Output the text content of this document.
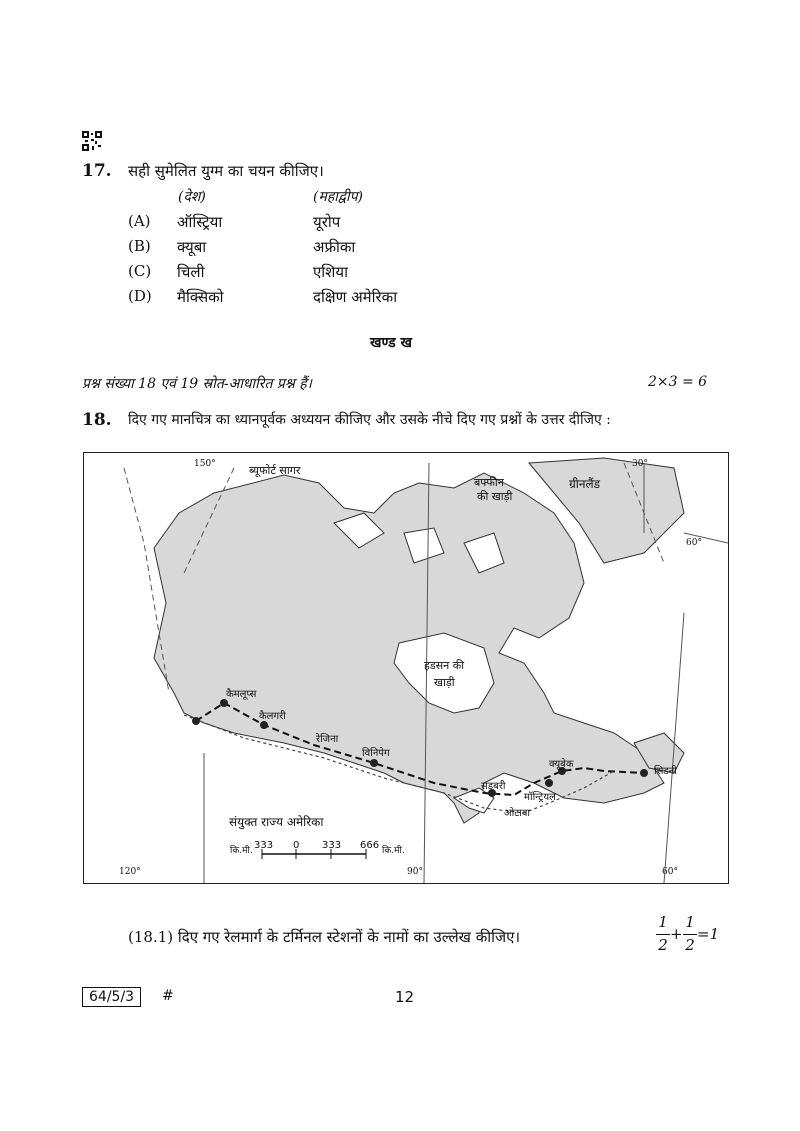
17. सही सुमेलित युग्म का चयन कीजिए।
(देश)	(महाद्वीप)
(A) ऑस्ट्रिया	यूरोप
(B) क्यूबा	अफ्रीका
(C) चिली	एशिया
(D) मैक्सिको	दक्षिण अमेरिका
खण्ड ख
प्रश्न संख्या 18 एवं 19 स्रोत-आधारित प्रश्न हैं।	2×3 = 6
18. दिए गए मानचित्र का ध्यानपूर्वक अध्ययन कीजिए और उसके नीचे दिए गए प्रश्नों के उत्तर दीजिए :
ब्यूफोर्ट सागर
बफ्फीन
की खाड़ी
ग्रीनलैंड
हडसन की
खाड़ी
संयुक्त राज्य अमेरिका
कैमलूप्स
कैलगरी
रेजिना
विनिपेग
सडबरी
क्यूबेक
मॉन्ट्रियल
ओटावा
सिडनी
कि.मी. 333 0 333 666 कि.मी.
150°	30°
60°
120°	90°	60°
(18.1) दिए गए रेलमार्ग के टर्मिनल स्टेशनों के नामों का उल्लेख कीजिए।
1
2
+
1
2
=1
64/5/3	#	12
